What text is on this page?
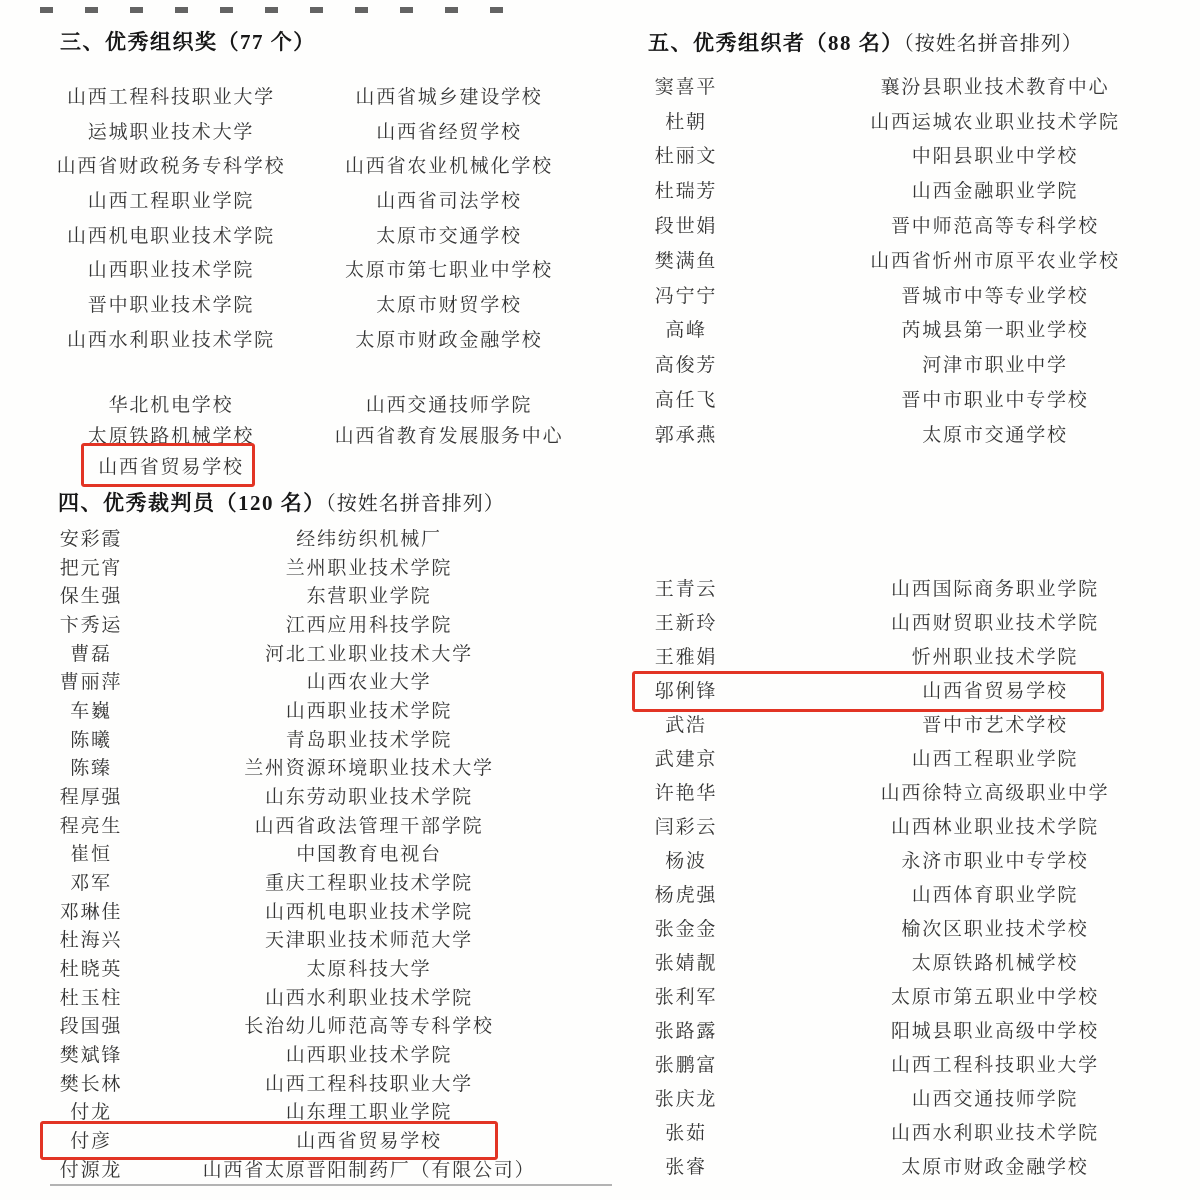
三、优秀组织奖（77 个）
山西工程科技职业大学	山西省城乡建设学校
运城职业技术大学	山西省经贸学校
山西省财政税务专科学校	山西省农业机械化学校
山西工程职业学院	山西省司法学校
山西机电职业技术学院	太原市交通学校
山西职业技术学院	太原市第七职业中学校
晋中职业技术学院	太原市财贸学校
山西水利职业技术学院	太原市财政金融学校
华北机电学校	山西交通技师学院
太原铁路机械学校	山西省教育发展服务中心
山西省贸易学校
四、优秀裁判员（120 名）（按姓名拼音排列）
安彩霞	经纬纺织机械厂
把元宵	兰州职业技术学院
保生强	东营职业学院
卞秀运	江西应用科技学院
曹磊	河北工业职业技术大学
曹丽萍	山西农业大学
车巍	山西职业技术学院
陈曦	青岛职业技术学院
陈臻	兰州资源环境职业技术大学
程厚强	山东劳动职业技术学院
程亮生	山西省政法管理干部学院
崔恒	中国教育电视台
邓军	重庆工程职业技术学院
邓琳佳	山西机电职业技术学院
杜海兴	天津职业技术师范大学
杜晓英	太原科技大学
杜玉柱	山西水利职业技术学院
段国强	长治幼儿师范高等专科学校
樊斌锋	山西职业技术学院
樊长林	山西工程科技职业大学
付龙	山东理工职业学院
付彦	山西省贸易学校
付源龙	山西省太原晋阳制药厂（有限公司）
五、优秀组织者（88 名）（按姓名拼音排列）
窦喜平	襄汾县职业技术教育中心
杜朝	山西运城农业职业技术学院
杜丽文	中阳县职业中学校
杜瑞芳	山西金融职业学院
段世娟	晋中师范高等专科学校
樊满鱼	山西省忻州市原平农业学校
冯宁宁	晋城市中等专业学校
高峰	芮城县第一职业学校
高俊芳	河津市职业中学
高任飞	晋中市职业中专学校
郭承燕	太原市交通学校
王青云	山西国际商务职业学院
王新玲	山西财贸职业技术学院
王雅娟	忻州职业技术学院
邬俐锋	山西省贸易学校
武浩	晋中市艺术学校
武建京	山西工程职业学院
许艳华	山西徐特立高级职业中学
闫彩云	山西林业职业技术学院
杨波	永济市职业中专学校
杨虎强	山西体育职业学院
张金金	榆次区职业技术学校
张婧靓	太原铁路机械学校
张利军	太原市第五职业中学校
张路露	阳城县职业高级中学校
张鹏富	山西工程科技职业大学
张庆龙	山西交通技师学院
张茹	山西水利职业技术学院
张睿	太原市财政金融学校
